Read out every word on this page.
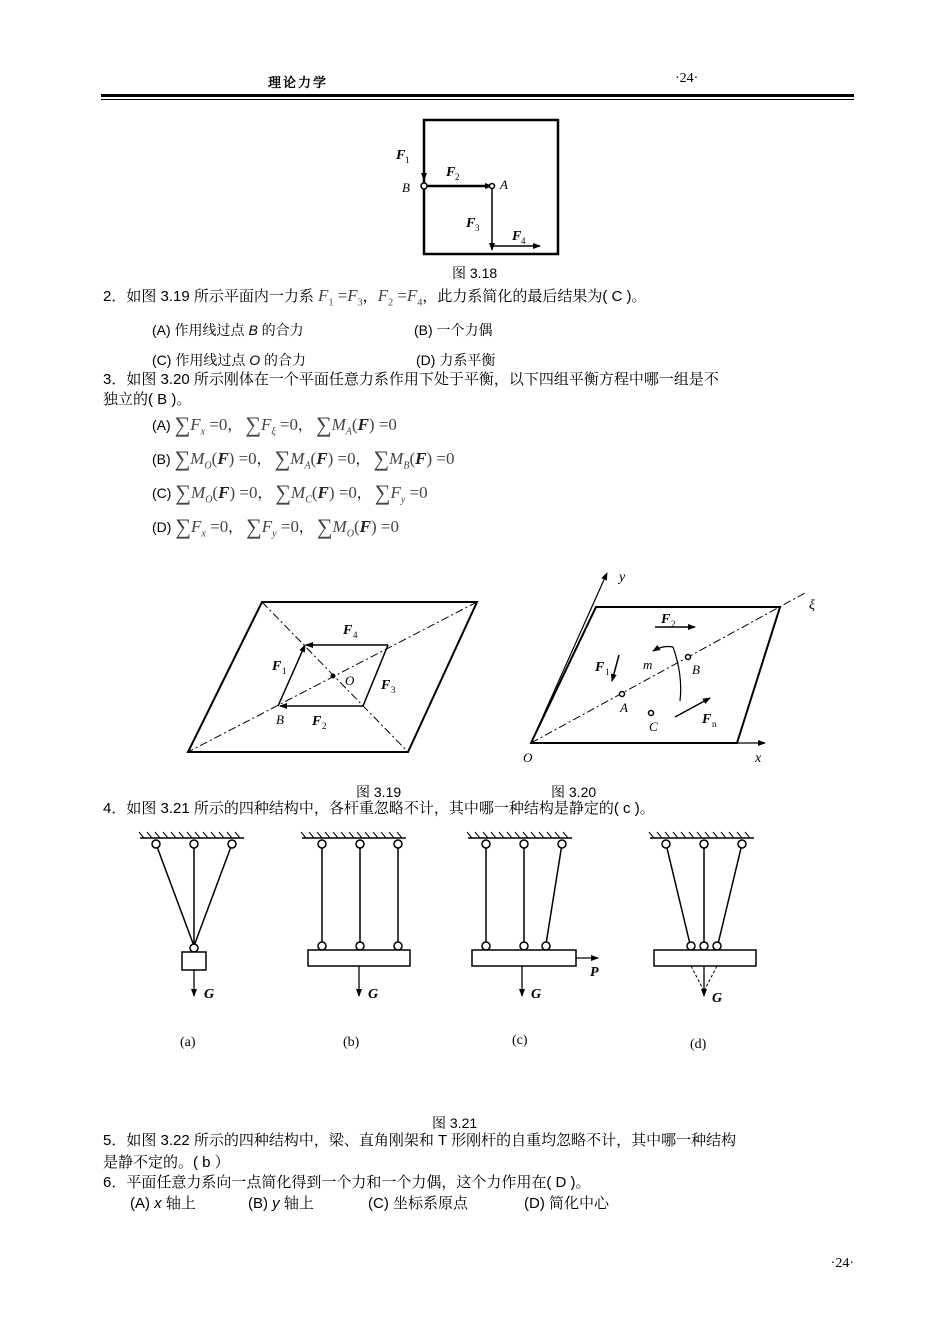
理论力学	·24·
F 1
F 2
F 3
F 4
B	A
图 3.18
2．如图 3.19 所示平面内一力系 $F_1 =F_3$，$F_2 =F_4$，此力系简化的最后结果为( C )。
(A) 作用线过点 B 的合力	(B) 一个力偶
(C) 作用线过点 O 的合力	(D) 力系平衡
3．如图 3.20 所示刚体在一个平面任意力系作用下处于平衡，以下四组平衡方程中哪一组是不
独立的( B )。
(A) $\sum F_x =0$， $\sum F_\xi =0$， $\sum M_A(F) =0$
(B) $\sum M_O(F) =0$， $\sum M_A(F) =0$， $\sum M_B(F) =0$
(C) $\sum M_O(F) =0$， $\sum M_C(F) =0$， $\sum F_y =0$
(D) $\sum F_x =0$， $\sum F_y =0$， $\sum M_O(F) =0$
F 4
F 1
F 3
F 2
O
B
y
x
ξ
O
A
B
C
m
F 2
F 1
F n
图 3.19	图 3.20
4．如图 3.21 所示的四种结构中，各杆重忽略不计，其中哪一种结构是静定的( c )。
G	G	G
P
G
(a)	(b)	(c)	(d)
图 3.21
5．如图 3.22 所示的四种结构中，梁、直角刚架和 T 形刚杆的自重均忽略不计，其中哪一种结构
是静不定的。( b ）
6．平面任意力系向一点简化得到一个力和一个力偶，这个力作用在( D )。
(A) x 轴上	(B) y 轴上	(C) 坐标系原点	(D) 简化中心
·24·
